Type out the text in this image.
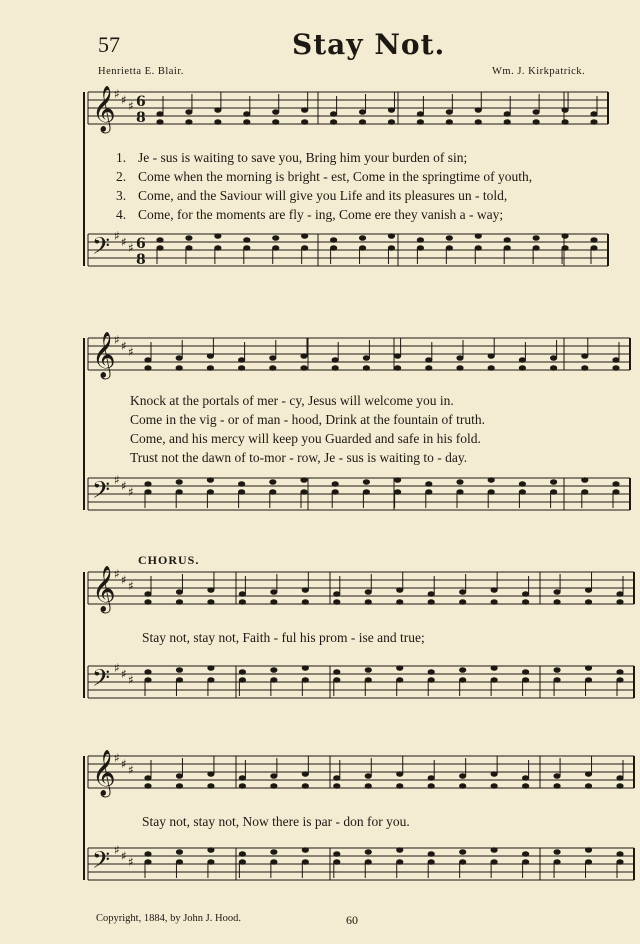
57	Stay Not.
Henrietta E. Blair.	Wm. J. Kirkpatrick.
𝄞
♯ ♯ ♯ 6
8
𝄢 ♯ ♯ ♯ 6
8
𝄞
♯ ♯ ♯
𝄢 ♯ ♯ ♯
𝄞
♯ ♯ ♯
𝄢 ♯ ♯ ♯
𝄞
♯ ♯ ♯
𝄢 ♯ ♯ ♯
1. Je - sus is waiting to save you, Bring him your burden of sin;
2. Come when the morning is bright - est, Come in the springtime of youth,
3. Come, and the Saviour will give you Life and its pleasures un - told,
4. Come, for the moments are fly - ing, Come ere they vanish a - way;
Knock at the portals of mer - cy, Jesus will welcome you in.
Come in the vig - or of man - hood, Drink at the fountain of truth.
Come, and his mercy will keep you Guarded and safe in his fold.
Trust not the dawn of to-mor - row, Je - sus is waiting to - day.
CHORUS.
Stay not, stay not, Faith - ful his prom - ise and true;
Stay not, stay not, Now there is par - don for you.
Copyright, 1884, by John J. Hood.	60
